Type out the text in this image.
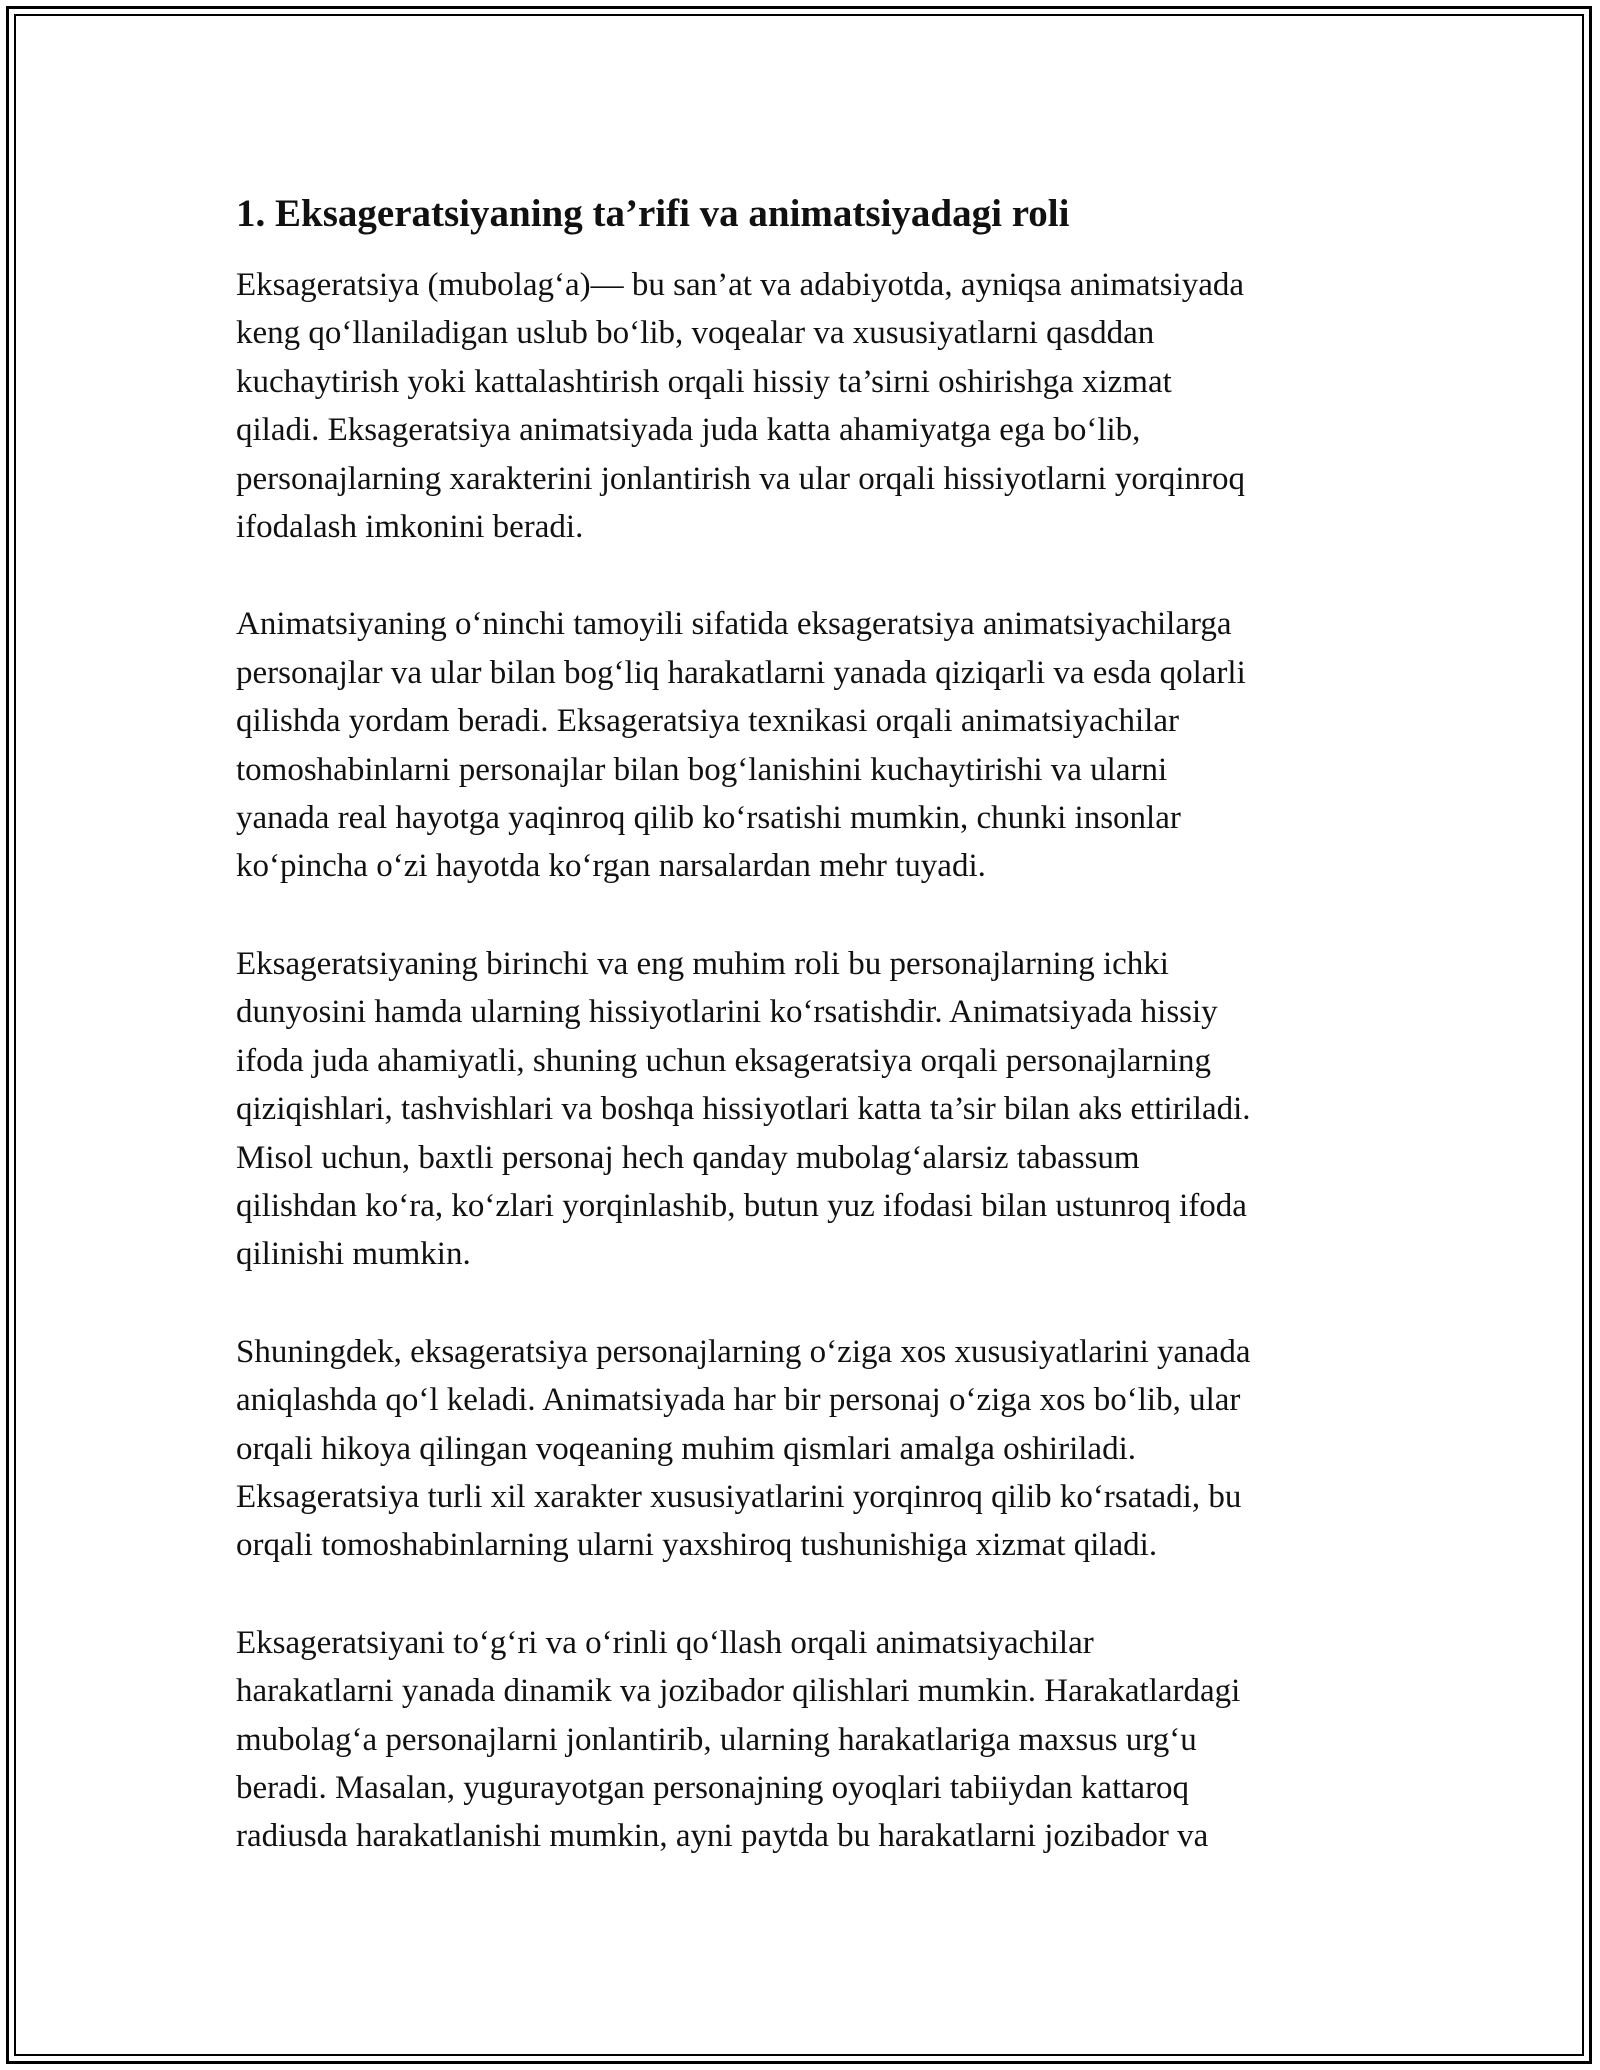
1. Eksageratsiyaning ta’rifi va animatsiyadagi roli

Eksageratsiya (mubolag‘a)— bu san’at va adabiyotda, ayniqsa animatsiyada
keng qo‘llaniladigan uslub bo‘lib, voqealar va xususiyatlarni qasddan
kuchaytirish yoki kattalashtirish orqali hissiy ta’sirni oshirishga xizmat
qiladi. Eksageratsiya animatsiyada juda katta ahamiyatga ega bo‘lib,
personajlarning xarakterini jonlantirish va ular orqali hissiyotlarni yorqinroq
ifodalash imkonini beradi.

Animatsiyaning o‘ninchi tamoyili sifatida eksageratsiya animatsiyachilarga
personajlar va ular bilan bog‘liq harakatlarni yanada qiziqarli va esda qolarli
qilishda yordam beradi. Eksageratsiya texnikasi orqali animatsiyachilar
tomoshabinlarni personajlar bilan bog‘lanishini kuchaytirishi va ularni
yanada real hayotga yaqinroq qilib ko‘rsatishi mumkin, chunki insonlar
ko‘pincha o‘zi hayotda ko‘rgan narsalardan mehr tuyadi.

Eksageratsiyaning birinchi va eng muhim roli bu personajlarning ichki
dunyosini hamda ularning hissiyotlarini ko‘rsatishdir. Animatsiyada hissiy
ifoda juda ahamiyatli, shuning uchun eksageratsiya orqali personajlarning
qiziqishlari, tashvishlari va boshqa hissiyotlari katta ta’sir bilan aks ettiriladi.
Misol uchun, baxtli personaj hech qanday mubolag‘alarsiz tabassum
qilishdan ko‘ra, ko‘zlari yorqinlashib, butun yuz ifodasi bilan ustunroq ifoda
qilinishi mumkin.

Shuningdek, eksageratsiya personajlarning o‘ziga xos xususiyatlarini yanada
aniqlashda qo‘l keladi. Animatsiyada har bir personaj o‘ziga xos bo‘lib, ular
orqali hikoya qilingan voqeaning muhim qismlari amalga oshiriladi.
Eksageratsiya turli xil xarakter xususiyatlarini yorqinroq qilib ko‘rsatadi, bu
orqali tomoshabinlarning ularni yaxshiroq tushunishiga xizmat qiladi.

Eksageratsiyani to‘g‘ri va o‘rinli qo‘llash orqali animatsiyachilar
harakatlarni yanada dinamik va jozibador qilishlari mumkin. Harakatlardagi
mubolag‘a personajlarni jonlantirib, ularning harakatlariga maxsus urg‘u
beradi. Masalan, yugurayotgan personajning oyoqlari tabiiydan kattaroq
radiusda harakatlanishi mumkin, ayni paytda bu harakatlarni jozibador va
